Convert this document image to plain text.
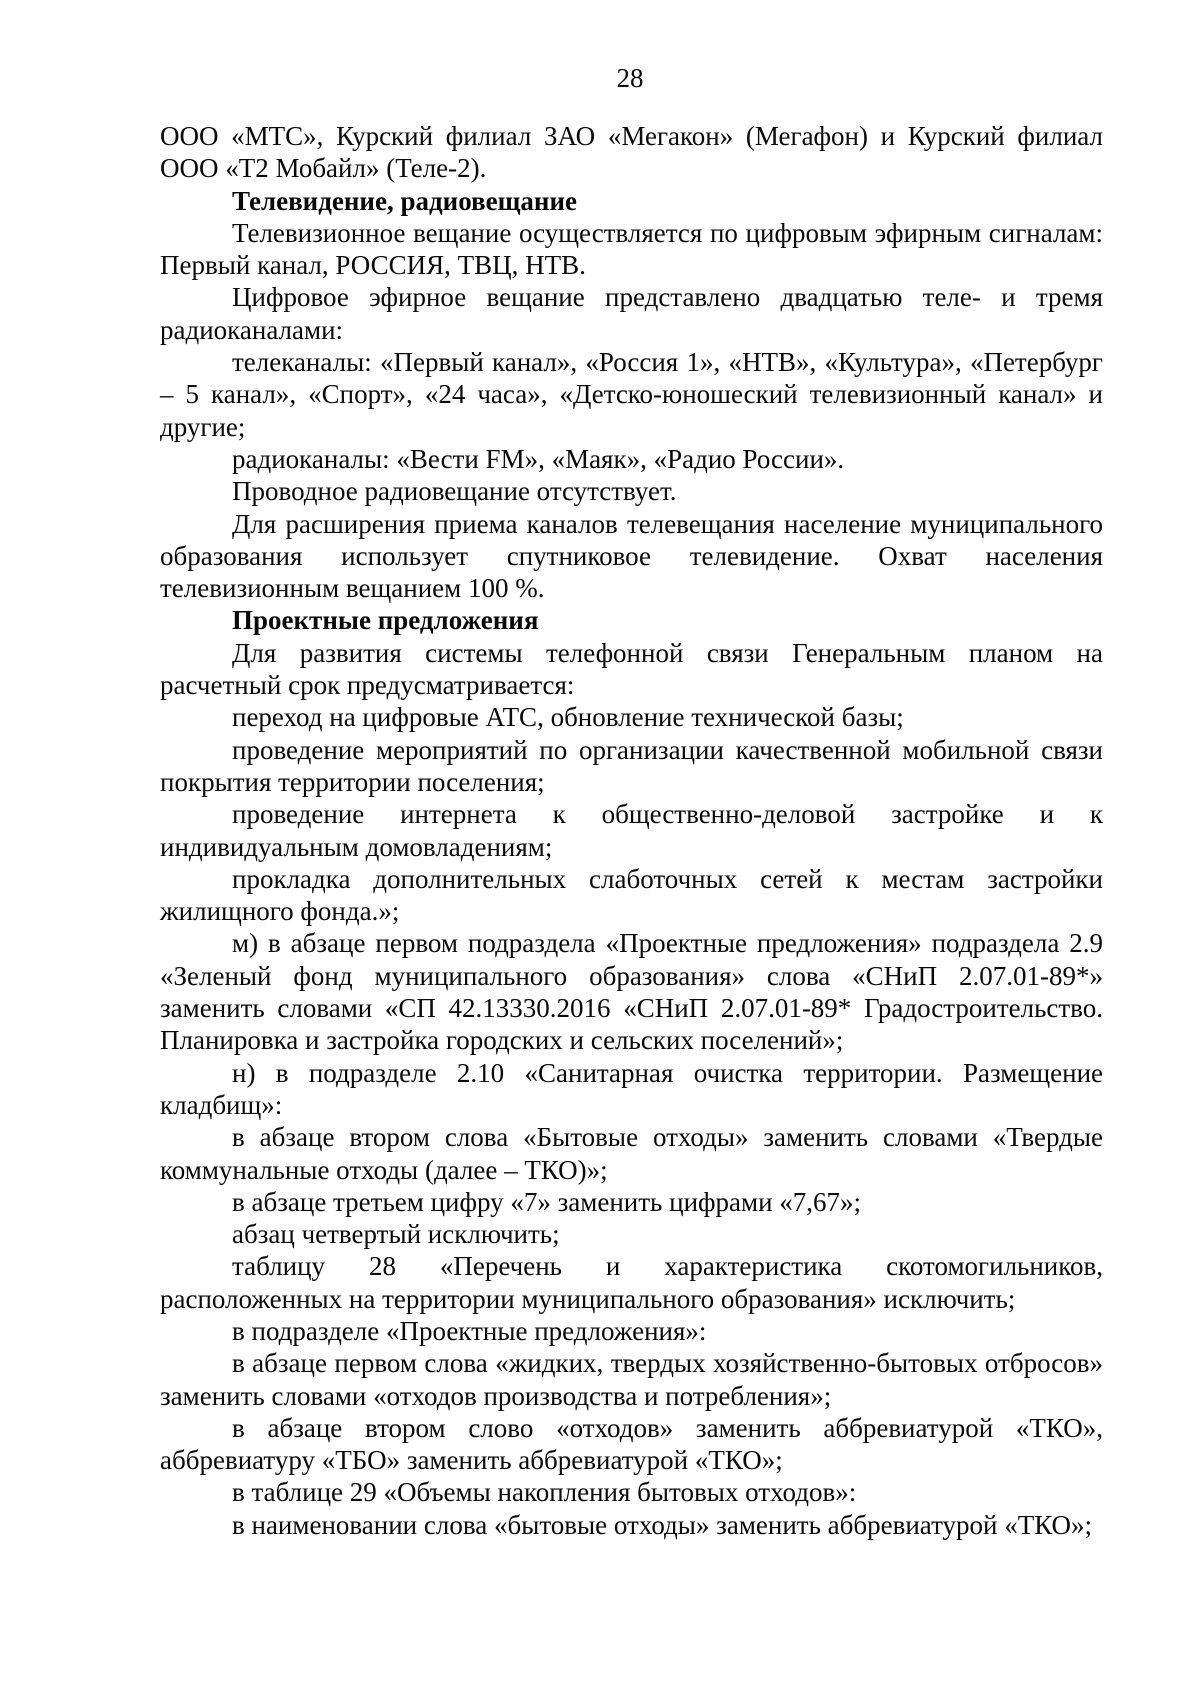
28

ООО «МТС», Курский филиал ЗАО «Мегакон» (Мегафон) и Курский филиал ООО «Т2 Мобайл» (Теле-2).

Телевидение, радиовещание

Телевизионное вещание осуществляется по цифровым эфирным сигналам: Первый канал, РОССИЯ, ТВЦ, НТВ.

Цифровое эфирное вещание представлено двадцатью теле- и тремя радиоканалами:

телеканалы: «Первый канал», «Россия 1», «НТВ», «Культура», «Петербург – 5 канал», «Спорт», «24 часа», «Детско-юношеский телевизионный канал» и другие;

радиоканалы: «Вести FM», «Маяк», «Радио России».

Проводное радиовещание отсутствует.

Для расширения приема каналов телевещания население муниципального образования использует спутниковое телевидение. Охват населения телевизионным вещанием 100 %.

Проектные предложения

Для развития системы телефонной связи Генеральным планом на расчетный срок предусматривается:

переход на цифровые АТС, обновление технической базы;

проведение мероприятий по организации качественной мобильной связи покрытия территории поселения;

проведение интернета к общественно-деловой застройке и к индивидуальным домовладениям;

прокладка дополнительных слаботочных сетей к местам застройки жилищного фонда.»;

м) в абзаце первом подраздела «Проектные предложения» подраздела 2.9 «Зеленый фонд муниципального образования» слова «СНиП 2.07.01-89*» заменить словами «СП 42.13330.2016 «СНиП 2.07.01-89* Градостроительство. Планировка и застройка городских и сельских поселений»;

н) в подразделе 2.10 «Санитарная очистка территории. Размещение кладбищ»:

в абзаце втором слова «Бытовые отходы» заменить словами «Твердые коммунальные отходы (далее – ТКО)»;

в абзаце третьем цифру «7» заменить цифрами «7,67»;

абзац четвертый исключить;

таблицу 28 «Перечень и характеристика скотомогильников, расположенных на территории муниципального образования» исключить;

в подразделе «Проектные предложения»:

в абзаце первом слова «жидких, твердых хозяйственно-бытовых отбросов» заменить словами «отходов производства и потребления»;

в абзаце втором слово «отходов» заменить аббревиатурой «ТКО», аббревиатуру «ТБО» заменить аббревиатурой «ТКО»;

в таблице 29 «Объемы накопления бытовых отходов»:

в наименовании слова «бытовые отходы» заменить аббревиатурой «ТКО»;
